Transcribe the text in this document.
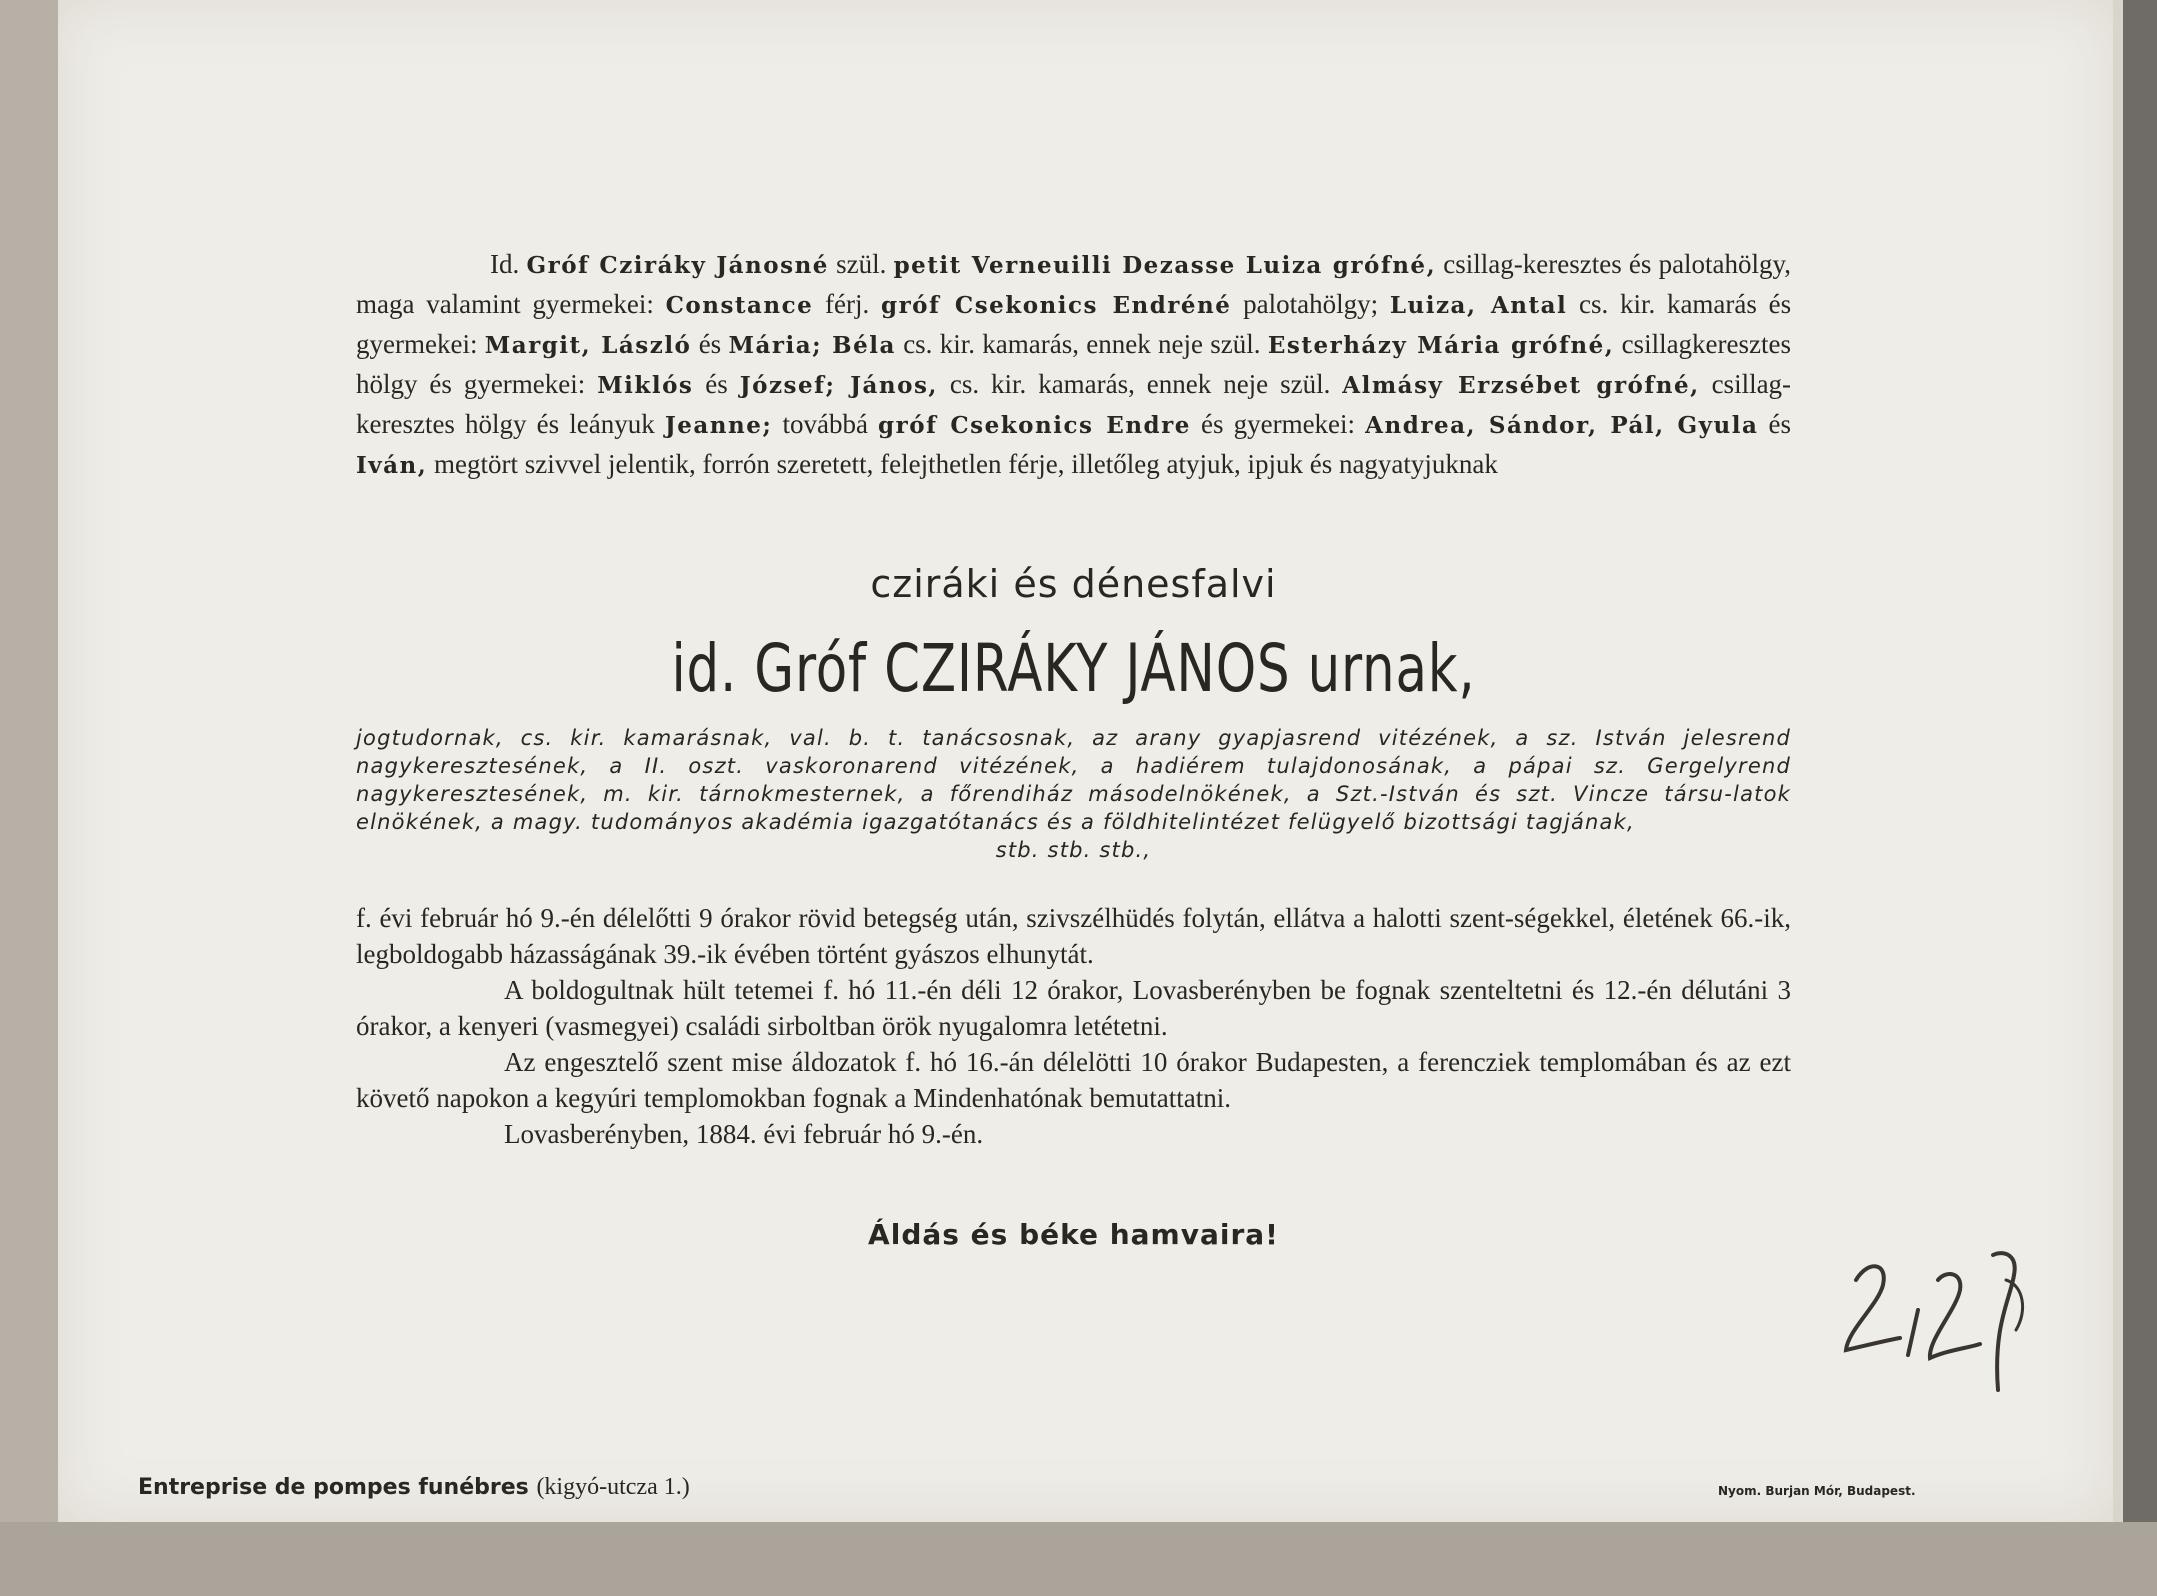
Id. Gróf Cziráky Jánosné szül. petit Verneuilli Dezasse Luiza grófné, csillag-keresztes és palotahölgy, maga valamint gyermekei: Constance férj. gróf Csekonics Endréné palotahölgy; Luiza, Antal cs. kir. kamarás és gyermekei: Margit, László és Mária; Béla cs. kir. kamarás, ennek neje szül. Esterházy Mária grófné, csillagkeresztes hölgy és gyermekei: Miklós és József; János, cs. kir. kamarás, ennek neje szül. Almásy Erzsébet grófné, csillag-keresztes hölgy és leányuk Jeanne; továbbá gróf Csekonics Endre és gyermekei: Andrea, Sándor, Pál, Gyula és Iván, megtört szivvel jelentik, forrón szeretett, felejthetlen férje, illetőleg atyjuk, ipjuk és nagyatyjuknak

cziráki és dénesfalvi
id. Gróf CZIRÁKY JÁNOS urnak,
jogtudornak, cs. kir. kamarásnak, val. b. t. tanácsosnak, az arany gyapjasrend vitézének, a sz. István jelesrend nagykeresztesének, a II. oszt. vaskoronarend vitézének, a hadiérem tulajdonosának, a pápai sz. Gergelyrend nagykeresztesének, m. kir. tárnokmesternek, a főrendiház másodelnökének, a Szt.-István és szt. Vincze társu-latok elnökének, a magy. tudományos akadémia igazgatótanács és a földhitelintézet felügyelő bizottsági tagjának,
stb. stb. stb.,

f. évi február hó 9.-én délelőtti 9 órakor rövid betegség után, szivszélhüdés folytán, ellátva a halotti szent-ségekkel, életének 66.-ik, legboldogabb házasságának 39.-ik évében történt gyászos elhunytát.

A boldogultnak hült tetemei f. hó 11.-én déli 12 órakor, Lovasberényben be fognak szenteltetni és 12.-én délutáni 3 órakor, a kenyeri (vasmegyei) családi sirboltban örök nyugalomra letétetni.

Az engesztelő szent mise áldozatok f. hó 16.-án délelötti 10 órakor Budapesten, a ferencziek templomában és az ezt követő napokon a kegyúri templomokban fognak a Mindenhatónak bemutattatni.

Lovasberényben, 1884. évi február hó 9.-én.

Áldás és béke hamvaira!
Entreprise de pompes funébres (kigyó-utcza 1.)	Nyom. Burjan Mór, Budapest.
